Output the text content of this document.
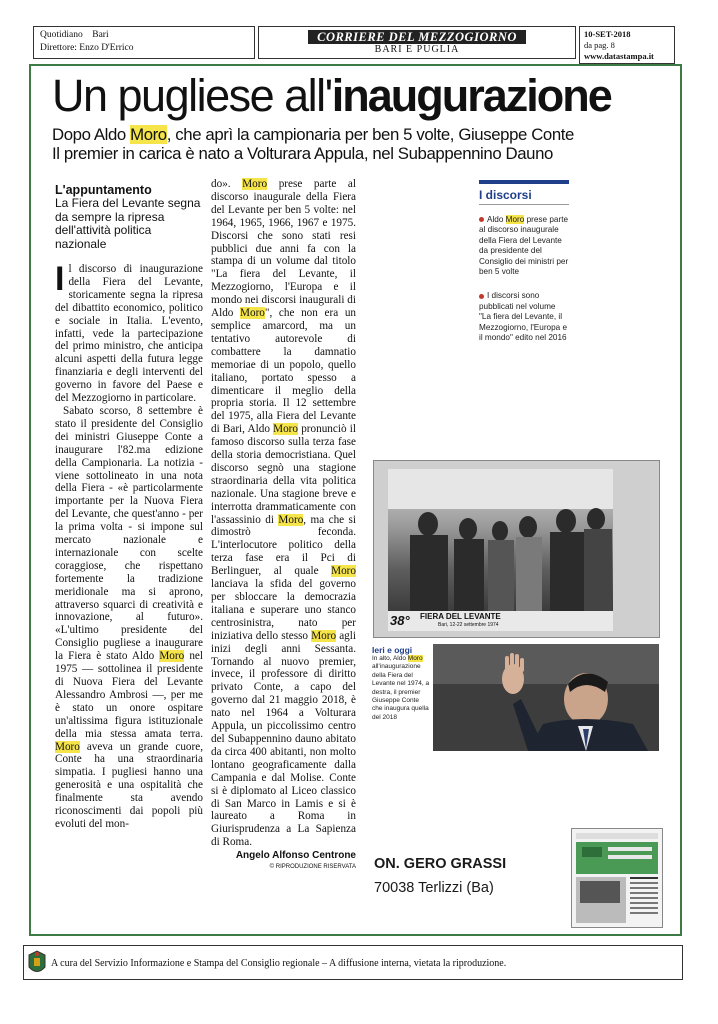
Quotidiano Bari
Direttore: Enzo D'Errico
CORRIERE DEL MEZZOGIORNO
BARI E PUGLIA
10-SET-2018
da pag. 8
www.datastampa.it
Un pugliese all'inaugurazione
Dopo Aldo Moro, che aprì la campionaria per ben 5 volte, Giuseppe Conte
Il premier in carica è nato a Volturara Appula, nel Subappennino Dauno
L'appuntamento
La Fiera del Levante segna da sempre la ripresa dell'attività politica nazionale

Il discorso di inaugurazione della Fiera del Levante, storicamente segna la ripresa del dibattito economico, politico e sociale in Italia. L'evento, infatti, vede la partecipazione del primo ministro, che anticipa alcuni aspetti della futura legge finanziaria e degli interventi del governo in favore del Paese e del Mezzogiorno in particolare.

Sabato scorso, 8 settembre è stato il presidente del Consiglio dei ministri Giuseppe Conte a inaugurare l'82.ma edizione della Campionaria. La notizia - viene sottolineato in una nota della Fiera - «è particolarmente importante per la Nuova Fiera del Levante, che quest'anno - per la prima volta - si impone sul mercato nazionale e internazionale con scelte coraggiose, che rispettano fortemente la tradizione meridionale ma si aprono, attraverso squarci di creatività e innovazione, al futuro». «L'ultimo presidente del Consiglio pugliese a inaugurare la Fiera è stato Aldo Moro nel 1975 — sottolinea il presidente di Nuova Fiera del Levante Alessandro Ambrosi —, per me è stato un onore ospitare un'altissima figura istituzionale della mia stessa amata terra. Moro aveva un grande cuore, Conte ha una straordinaria simpatia. I pugliesi hanno una generosità e una ospitalità che finalmente sta avendo riconoscimenti dai popoli più evoluti del mon-

do». Moro prese parte al discorso inaugurale della Fiera del Levante per ben 5 volte: nel 1964, 1965, 1966, 1967 e 1975. Discorsi che sono stati resi pubblici due anni fa con la stampa di un volume dal titolo "La fiera del Levante, il Mezzogiorno, l'Europa e il mondo nei discorsi inaugurali di Aldo Moro", che non era un semplice amarcord, ma un tentativo autorevole di combattere la damnatio memoriae di un popolo, quello italiano, portato spesso a dimenticare il meglio della propria storia. Il 12 settembre del 1975, alla Fiera del Levante di Bari, Aldo Moro pronunciò il famoso discorso sulla terza fase della storia democristiana. Quel discorso segnò una stagione straordinaria della vita politica nazionale. Una stagione breve e interrotta drammaticamente con l'assassinio di Moro, ma che si dimostrò feconda. L'interlocutore politico della terza fase era il Pci di Berlinguer, al quale Moro lanciava la sfida del governo per sbloccare la democrazia italiana e superare uno stanco centrosinistra, nato per iniziativa dello stesso Moro agli inizi degli anni Sessanta. Tornando al nuovo premier, invece, il professore di diritto privato Conte, a capo del governo dal 21 maggio 2018, è nato nel 1964 a Volturara Appula, un piccolissimo centro del Subappennino dauno abitato da circa 400 abitanti, non molto lontano geograficamente dalla Campania e dal Molise. Conte si è diplomato al Liceo classico di San Marco in Lamis e si è laureato a Roma in Giurisprudenza a La Sapienza di Roma.

Angelo Alfonso Centrone
© RIPRODUZIONE RISERVATA
I discorsi
Aldo Moro prese parte al discorso inaugurale della Fiera del Levante da presidente del Consiglio dei ministri per ben 5 volte
I discorsi sono pubblicati nel volume "La fiera del Levante, il Mezzogiorno, l'Europa e il mondo" edito nel 2016
38° FIERA DEL LEVANTE
Bari, 12-22 settembre 1974
Ieri e oggi
In alto, Aldo Moro all'inaugurazione della Fiera del Levante nel 1974, a destra, il premier Giuseppe Conte che inaugura quella del 2018
ON. GERO GRASSI
70038 Terlizzi (Ba)
A cura del Servizio Informazione e Stampa del Consiglio regionale – A diffusione interna, vietata la riproduzione.
